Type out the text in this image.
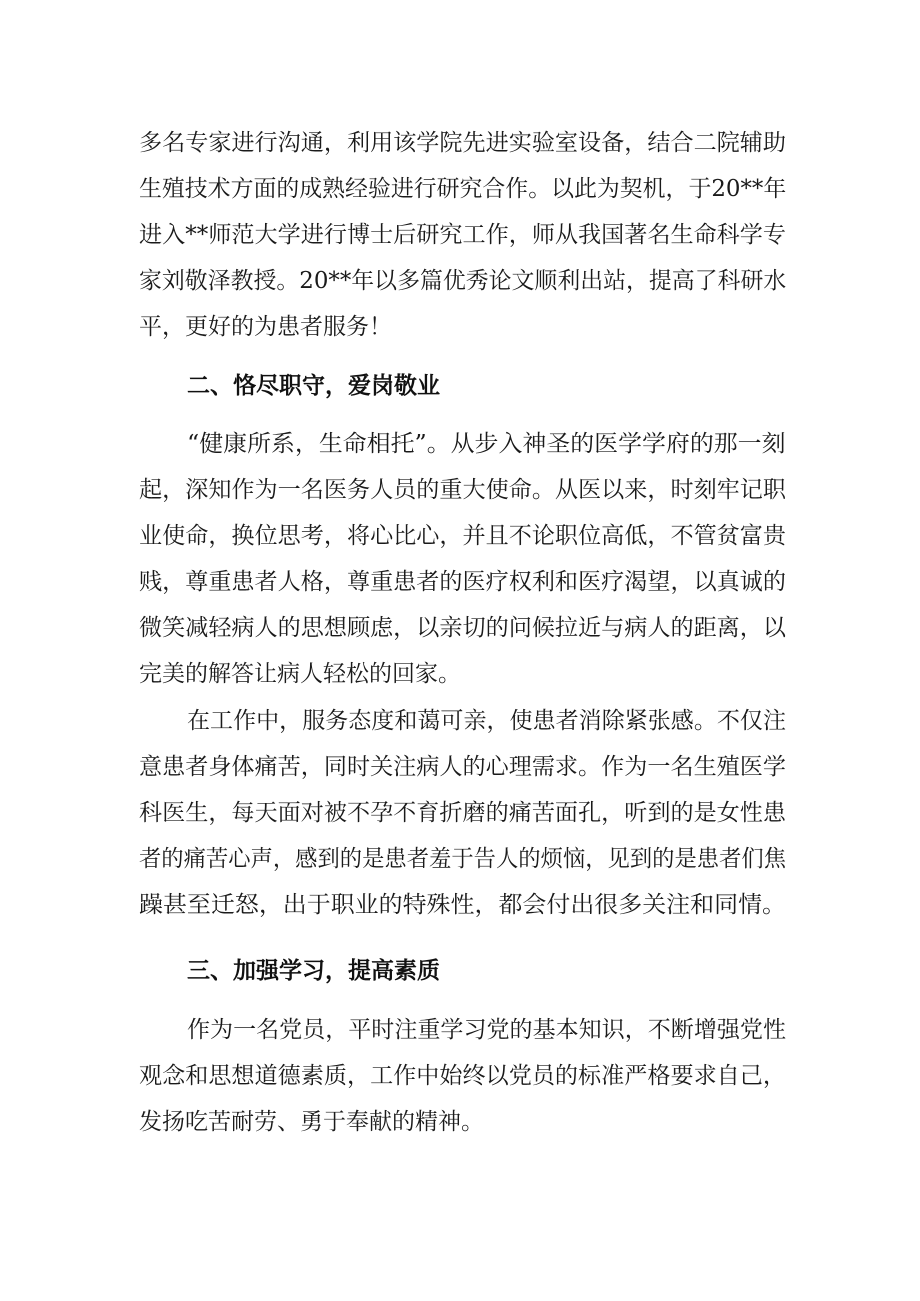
多名专家进行沟通，利用该学院先进实验室设备，结合二院辅助
生殖技术方面的成熟经验进行研究合作。以此为契机，于20**年
进入**师范大学进行博士后研究工作，师从我国著名生命科学专
家刘敬泽教授。20**年以多篇优秀论文顺利出站，提高了科研水
平，更好的为患者服务！
二、恪尽职守，爱岗敬业
“健康所系，生命相托”。从步入神圣的医学学府的那一刻
起，深知作为一名医务人员的重大使命。从医以来，时刻牢记职
业使命，换位思考，将心比心，并且不论职位高低，不管贫富贵
贱，尊重患者人格，尊重患者的医疗权利和医疗渴望，以真诚的
微笑减轻病人的思想顾虑，以亲切的问候拉近与病人的距离，以
完美的解答让病人轻松的回家。
在工作中，服务态度和蔼可亲，使患者消除紧张感。不仅注
意患者身体痛苦，同时关注病人的心理需求。作为一名生殖医学
科医生，每天面对被不孕不育折磨的痛苦面孔，听到的是女性患
者的痛苦心声，感到的是患者羞于告人的烦恼，见到的是患者们焦
躁甚至迁怒，出于职业的特殊性，都会付出很多关注和同情。
三、加强学习，提高素质
作为一名党员，平时注重学习党的基本知识，不断增强党性
观念和思想道德素质，工作中始终以党员的标准严格要求自己，
发扬吃苦耐劳、勇于奉献的精神。
